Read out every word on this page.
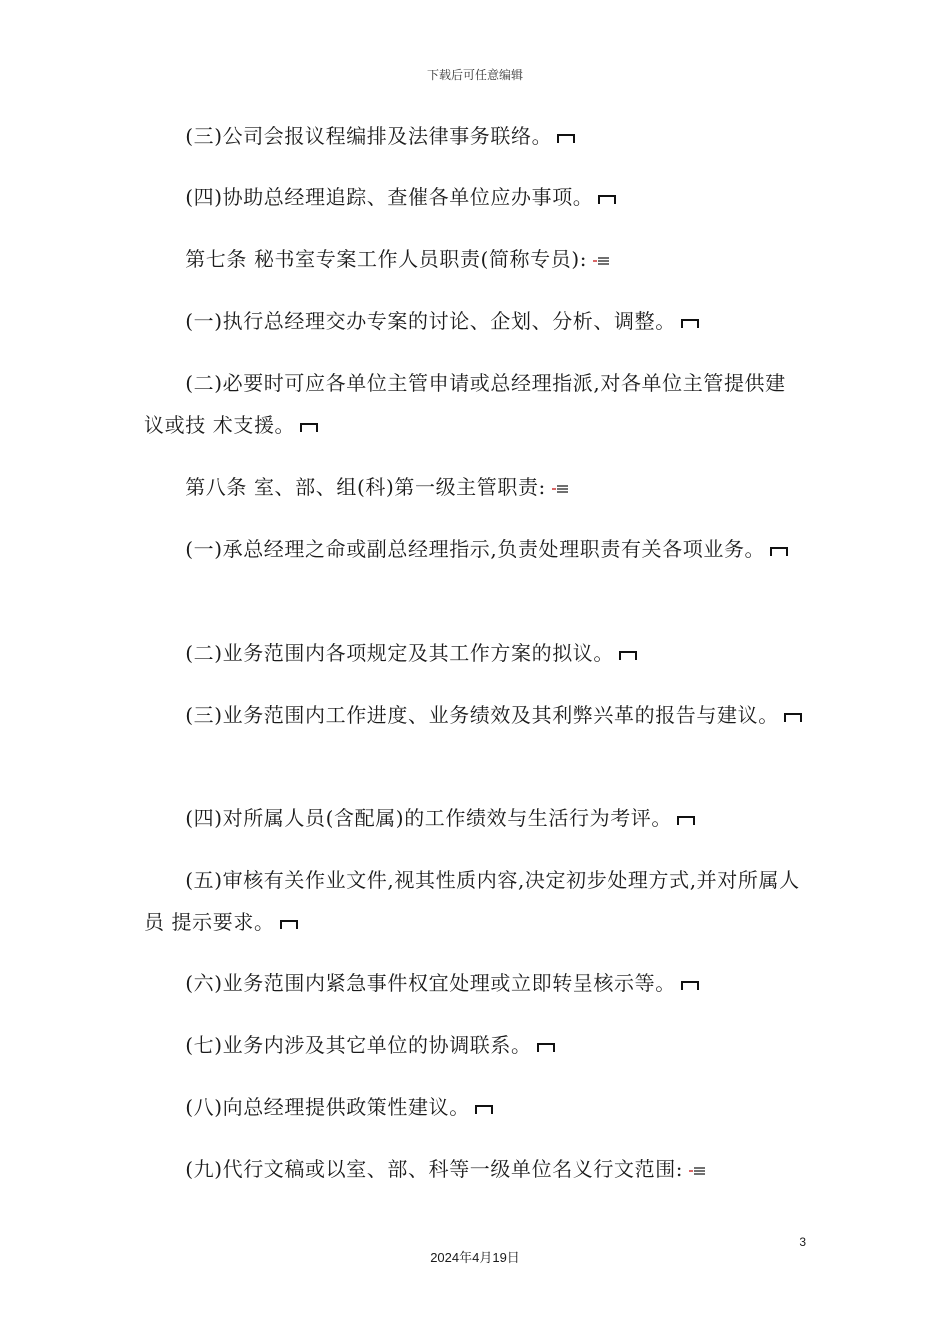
下载后可任意编辑
　　(三)公司会报议程编排及法律事务联络。
　　(四)协助总经理追踪、查催各单位应办事项。
　　第七条 秘书室专案工作人员职责(简称专员):
　　(一)执行总经理交办专案的讨论、企划、分析、调整。
　　(二)必要时可应各单位主管申请或总经理指派,对各单位主管提供建议或技 术支援。
　　第八条 室、部、组(科)第一级主管职责:
　　(一)承总经理之命或副总经理指示,负责处理职责有关各项业务。
　　(二)业务范围内各项规定及其工作方案的拟议。
　　(三)业务范围内工作进度、业务绩效及其利弊兴革的报告与建议。
　　(四)对所属人员(含配属)的工作绩效与生活行为考评。
　　(五)审核有关作业文件,视其性质内容,决定初步处理方式,并对所属人员 提示要求。
　　(六)业务范围内紧急事件权宜处理或立即转呈核示等。
　　(七)业务内涉及其它单位的协调联系。
　　(八)向总经理提供政策性建议。
　　(九)代行文稿或以室、部、科等一级单位名义行文范围:
3
2024年4月19日
